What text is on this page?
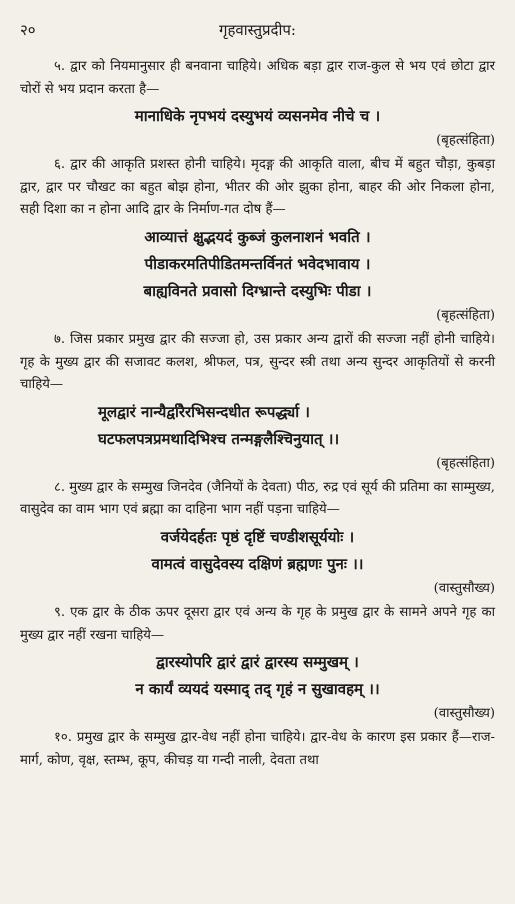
२०	गृहवास्तुप्रदीप:

५. द्वार को नियमानुसार ही बनवाना चाहिये। अधिक बड़ा द्वार राज-कुल से भय एवं छोटा द्वार चोरों से भय प्रदान करता है—

मानाधिके नृपभयं दस्युभयं व्यसनमेव नीचे च ।

(बृहत्संहिता)

६. द्वार की आकृति प्रशस्त होनी चाहिये। मृदङ्ग की आकृति वाला, बीच में बहुत चौड़ा, कुबड़ा द्वार, द्वार पर चौखट का बहुत बोझ होना, भीतर की ओर झुका होना, बाहर की ओर निकला होना, सही दिशा का न होना आदि द्वार के निर्माण-गत दोष हैं—

आव्यात्तं क्षुद्भयदं कुब्जं कुलनाशनं भवति ।

पीडाकरमतिपीडितमन्तर्विनतं भवेदभावाय ।

बाह्यविनते प्रवासो दिग्भ्रान्ते दस्युभिः पीडा ।

(बृहत्संहिता)

७. जिस प्रकार प्रमुख द्वार की सज्जा हो, उस प्रकार अन्य द्वारों की सज्जा नहीं होनी चाहिये। गृह के मुख्य द्वार की सजावट कलश, श्रीफल, पत्र, सुन्दर स्त्री तथा अन्य सुन्दर आकृतियों से करनी चाहिये—

मूलद्वारं नान्यैर्द्वारैरभिसन्दधीत रूपर्द्ध्या ।

घटफलपत्रप्रमथादिभिश्च तन्मङ्गलैश्चिनुयात् ।।

(बृहत्संहिता)

८. मुख्य द्वार के सम्मुख जिनदेव (जैनियों के देवता) पीठ, रुद्र एवं सूर्य की प्रतिमा का साम्मुख्य, वासुदेव का वाम भाग एवं ब्रह्मा का दाहिना भाग नहीं पड़ना चाहिये—

वर्जयेदर्हतः पृष्ठं दृष्टिं चण्डीशसूर्ययोः ।

वामत्वं वासुदेवस्य दक्षिणं ब्रह्मणः पुनः ।।

(वास्तुसौख्य)

९. एक द्वार के ठीक ऊपर दूसरा द्वार एवं अन्य के गृह के प्रमुख द्वार के सामने अपने गृह का मुख्य द्वार नहीं रखना चाहिये—

द्वारस्योपरि द्वारं द्वारं द्वारस्य सम्मुखम् ।

न कार्यं व्ययदं यस्माद् तद् गृहं न सुखावहम् ।।

(वास्तुसौख्य)

१०. प्रमुख द्वार के सम्मुख द्वार-वेध नहीं होना चाहिये। द्वार-वेध के कारण इस प्रकार हैं—राज-मार्ग, कोण, वृक्ष, स्तम्भ, कूप, कीचड़ या गन्दी नाली, देवता तथा
